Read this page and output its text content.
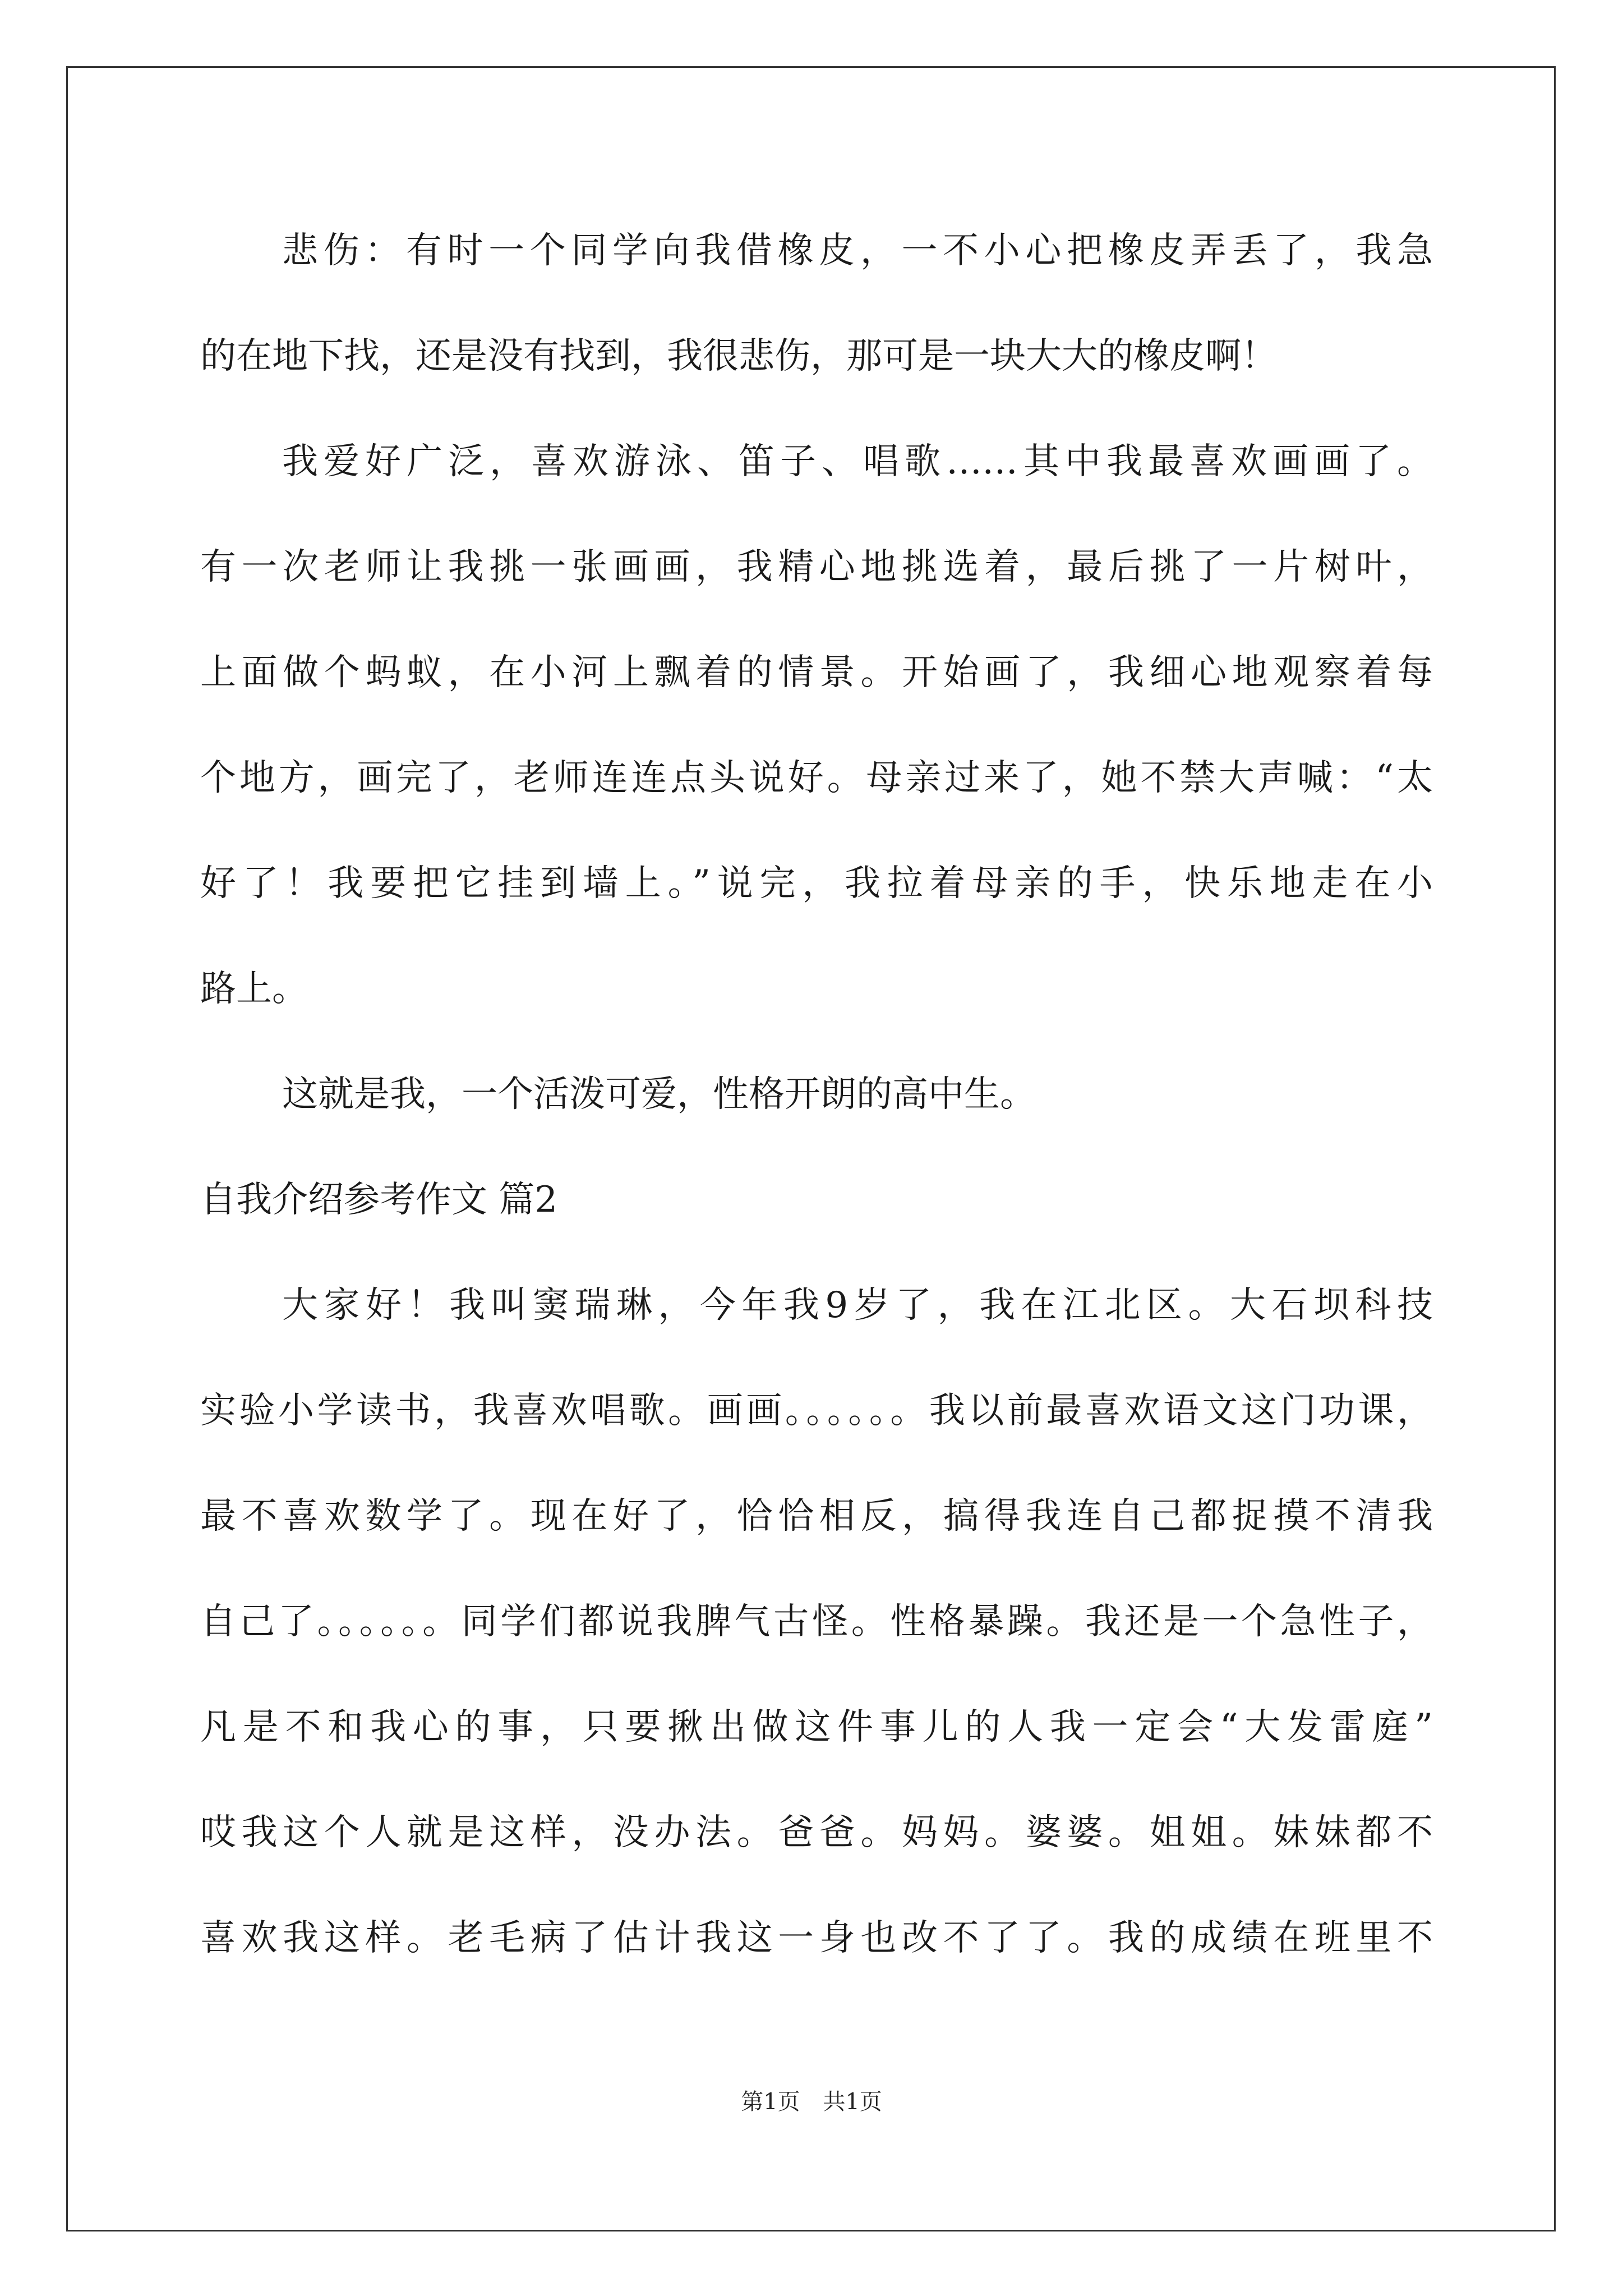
悲伤：有时一个同学向我借橡皮，一不小心把橡皮弄丢了，我急
的在地下找，还是没有找到，我很悲伤，那可是一块大大的橡皮啊！
我爱好广泛，喜欢游泳、笛子、唱歌……其中我最喜欢画画了。
有一次老师让我挑一张画画，我精心地挑选着，最后挑了一片树叶，
上面做个蚂蚁，在小河上飘着的情景。开始画了，我细心地观察着每
个地方，画完了，老师连连点头说好。母亲过来了，她不禁大声喊：“太
好了！我要把它挂到墙上。”说完，我拉着母亲的手，快乐地走在小
路上。
这就是我，一个活泼可爱，性格开朗的高中生。
自我介绍参考作文 篇2
大家好！我叫窦瑞琳，今年我9岁了，我在江北区。大石坝科技
实验小学读书，我喜欢唱歌。画画。。。。。。我以前最喜欢语文这门功课，
最不喜欢数学了。现在好了，恰恰相反，搞得我连自己都捉摸不清我
自己了。。。。。。同学们都说我脾气古怪。性格暴躁。我还是一个急性子，
凡是不和我心的事，只要揪出做这件事儿的人我一定会“大发雷庭”
哎我这个人就是这样，没办法。爸爸。妈妈。婆婆。姐姐。妹妹都不
喜欢我这样。老毛病了估计我这一身也改不了了。我的成绩在班里不
第1页 共1页
